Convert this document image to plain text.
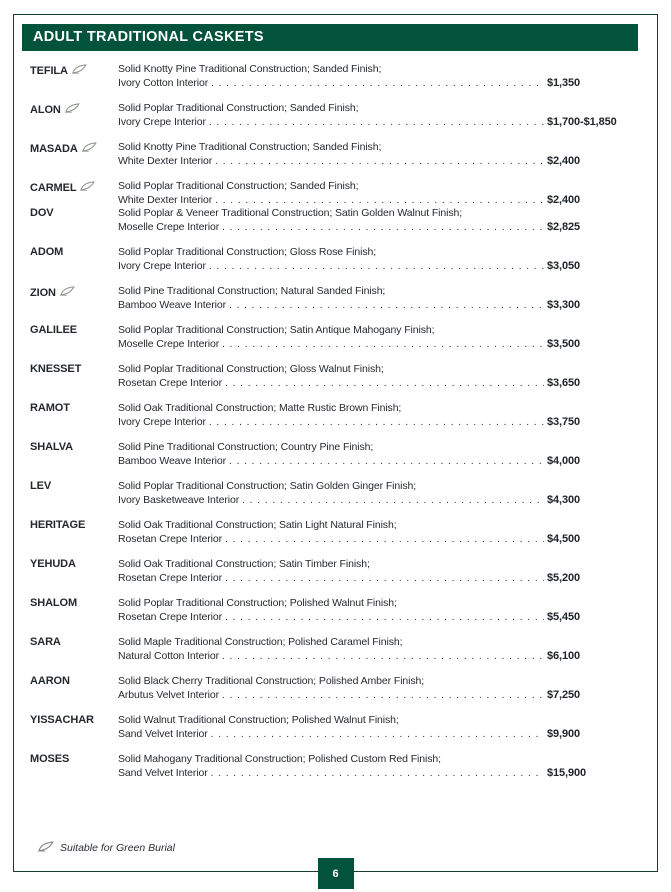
ADULT TRADITIONAL CASKETS
TEFILA	Solid Knotty Pine Traditional Construction; Sanded Finish;
Ivory Cotton Interior . . .	$1,350
ALON	Solid Poplar Traditional Construction; Sanded Finish;
Ivory Crepe Interior . . .	$1,700-$1,850
MASADA	Solid Knotty Pine Traditional Construction; Sanded Finish;
White Dexter Interior . . .	$2,400
CARMEL	Solid Poplar Traditional Construction; Sanded Finish;
White Dexter Interior . . .	$2,400
DOV	Solid Poplar & Veneer Traditional Construction; Satin Golden Walnut Finish;
Moselle Crepe Interior . . .	$2,825
ADOM	Solid Poplar Traditional Construction; Gloss Rose Finish;
Ivory Crepe Interior . . .	$3,050
ZION	Solid Pine Traditional Construction; Natural Sanded Finish;
Bamboo Weave Interior . . .	$3,300
GALILEE	Solid Poplar Traditional Construction; Satin Antique Mahogany Finish;
Moselle Crepe Interior . . .	$3,500
KNESSET	Solid Poplar Traditional Construction; Gloss Walnut Finish;
Rosetan Crepe Interior . . .	$3,650
RAMOT	Solid Oak Traditional Construction; Matte Rustic Brown Finish;
Ivory Crepe Interior . . .	$3,750
SHALVA	Solid Pine Traditional Construction; Country Pine Finish;
Bamboo Weave Interior . . .	$4,000
LEV	Solid Poplar Traditional Construction; Satin Golden Ginger Finish;
Ivory Basketweave Interior . . .	$4,300
HERITAGE	Solid Oak Traditional Construction; Satin Light Natural Finish;
Rosetan Crepe Interior . . .	$4,500
YEHUDA	Solid Oak Traditional Construction; Satin Timber Finish;
Rosetan Crepe Interior . . .	$5,200
SHALOM	Solid Poplar Traditional Construction; Polished Walnut Finish;
Rosetan Crepe Interior . . .	$5,450
SARA	Solid Maple Traditional Construction; Polished Caramel Finish;
Natural Cotton Interior . . .	$6,100
AARON	Solid Black Cherry Traditional Construction; Polished Amber Finish;
Arbutus Velvet Interior . . .	$7,250
YISSACHAR	Solid Walnut Traditional Construction; Polished Walnut Finish;
Sand Velvet Interior . . .	$9,900
MOSES	Solid Mahogany Traditional Construction; Polished Custom Red Finish;
Sand Velvet Interior . . .	$15,900
Suitable for Green Burial
6
